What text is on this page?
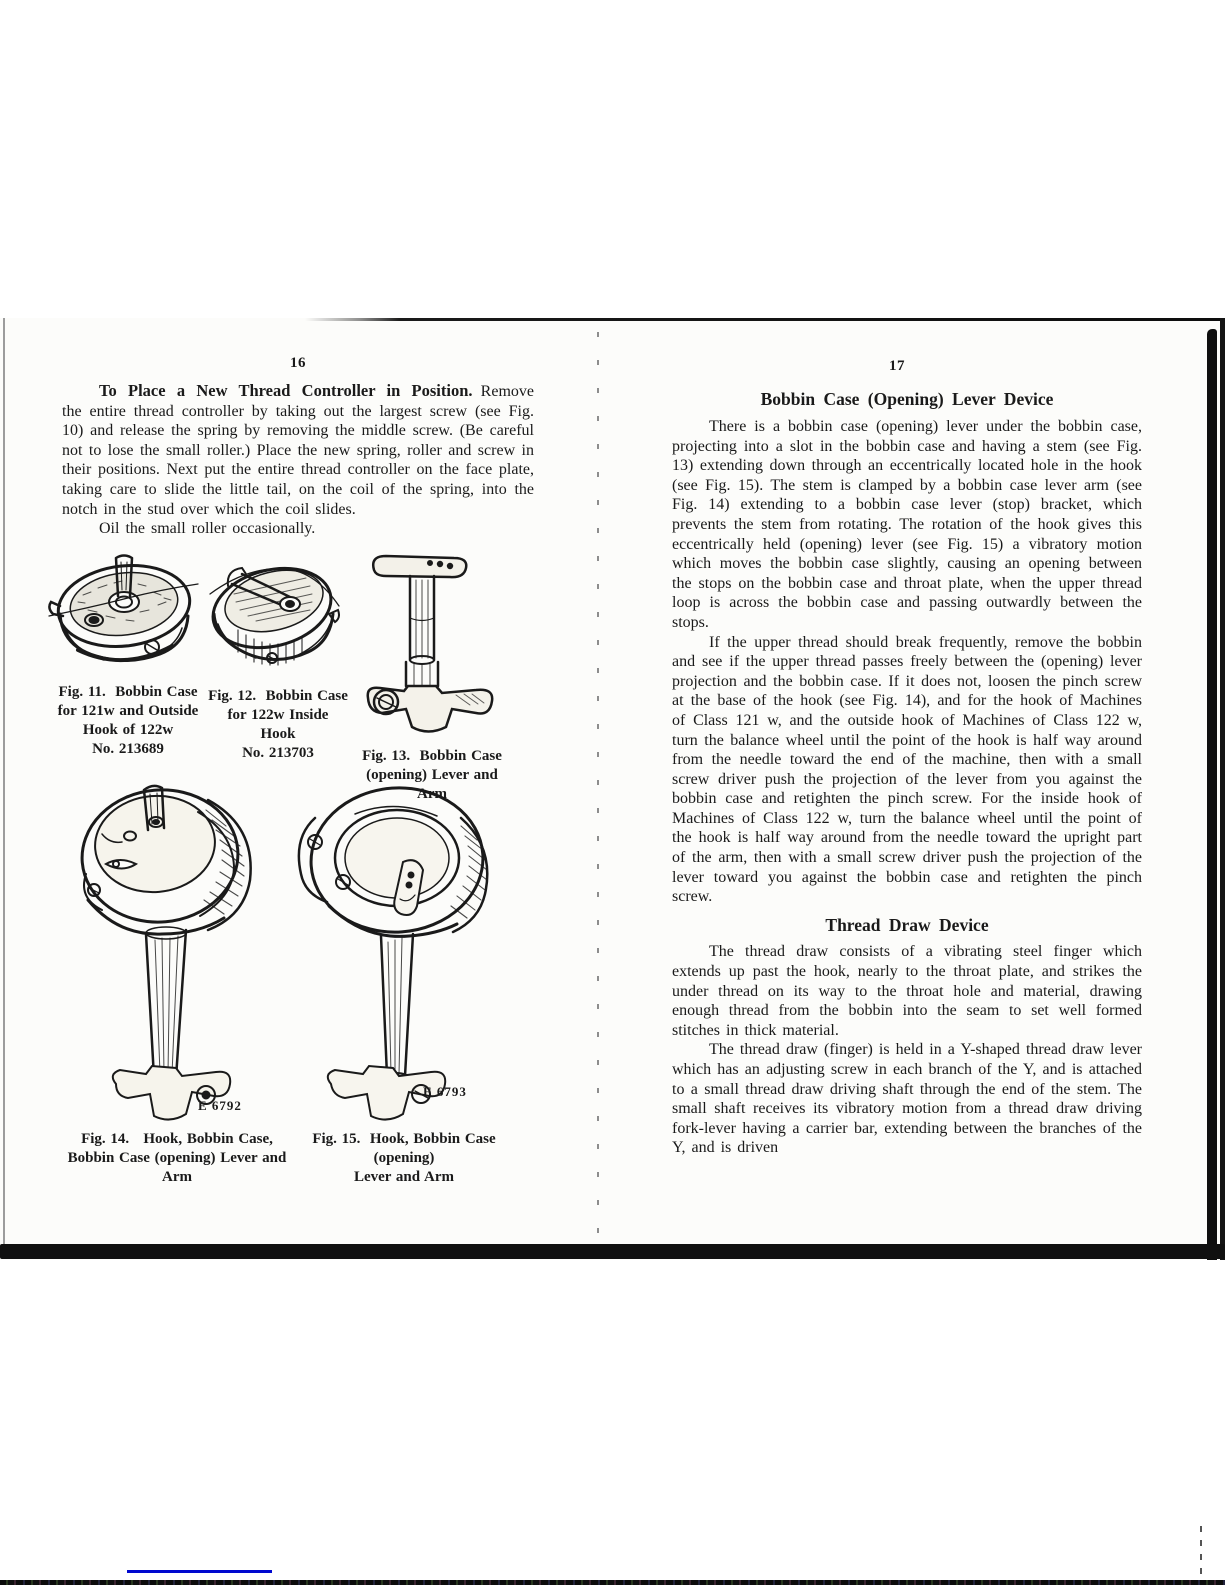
16

To Place a New Thread Controller in Position. Remove the entire thread controller by taking out the largest screw (see Fig. 10) and release the spring by removing the middle screw. (Be careful not to lose the small roller.) Place the new spring, roller and screw in their positions. Next put the entire thread controller on the face plate, taking care to slide the little tail, on the coil of the spring, into the notch in the stud over which the coil slides.

Oil the small roller occasionally.

Fig. 11.  Bobbin Case
for 121w and Outside
Hook of 122w
No. 213689
Fig. 12.  Bobbin Case
for 122w Inside Hook
No. 213703	Fig. 13.  Bobbin Case
(opening) Lever and Arm
E 6792
Fig. 14.   Hook, Bobbin Case,
Bobbin Case (opening) Lever and Arm
E 6793
Fig. 15.  Hook, Bobbin Case (opening)
Lever and Arm
17
Bobbin Case (Opening) Lever Device

There is a bobbin case (opening) lever under the bobbin case, projecting into a slot in the bobbin case and having a stem (see Fig. 13) extending down through an eccentrically located hole in the hook (see Fig. 15). The stem is clamped by a bobbin case lever arm (see Fig. 14) extending to a bobbin case lever (stop) bracket, which prevents the stem from rotating. The rotation of the hook gives this eccentrically held (opening) lever (see Fig. 15) a vibratory motion which moves the bobbin case slightly, causing an opening between the stops on the bobbin case and throat plate, when the upper thread loop is across the bobbin case and passing outwardly between the stops.

If the upper thread should break frequently, remove the bobbin and see if the upper thread passes freely between the (opening) lever projection and the bobbin case. If it does not, loosen the pinch screw at the base of the hook (see Fig. 14), and for the hook of Machines of Class 121 w, and the outside hook of Machines of Class 122 w, turn the balance wheel until the point of the hook is half way around from the needle toward the end of the machine, then with a small screw driver push the projection of the lever from you against the bobbin case and retighten the pinch screw. For the inside hook of Machines of Class 122 w, turn the balance wheel until the point of the hook is half way around from the needle toward the upright part of the arm, then with a small screw driver push the projection of the lever toward you against the bobbin case and retighten the pinch screw.

Thread Draw Device

The thread draw consists of a vibrating steel finger which extends up past the hook, nearly to the throat plate, and strikes the under thread on its way to the throat hole and material, drawing enough thread from the bobbin into the seam to set well formed stitches in thick material.

The thread draw (finger) is held in a Y-shaped thread draw lever which has an adjusting screw in each branch of the Y, and is attached to a small thread draw driving shaft through the end of the stem. The small shaft receives its vibratory motion from a thread draw driving fork-lever having a carrier bar, extending between the branches of the Y, and is driven
